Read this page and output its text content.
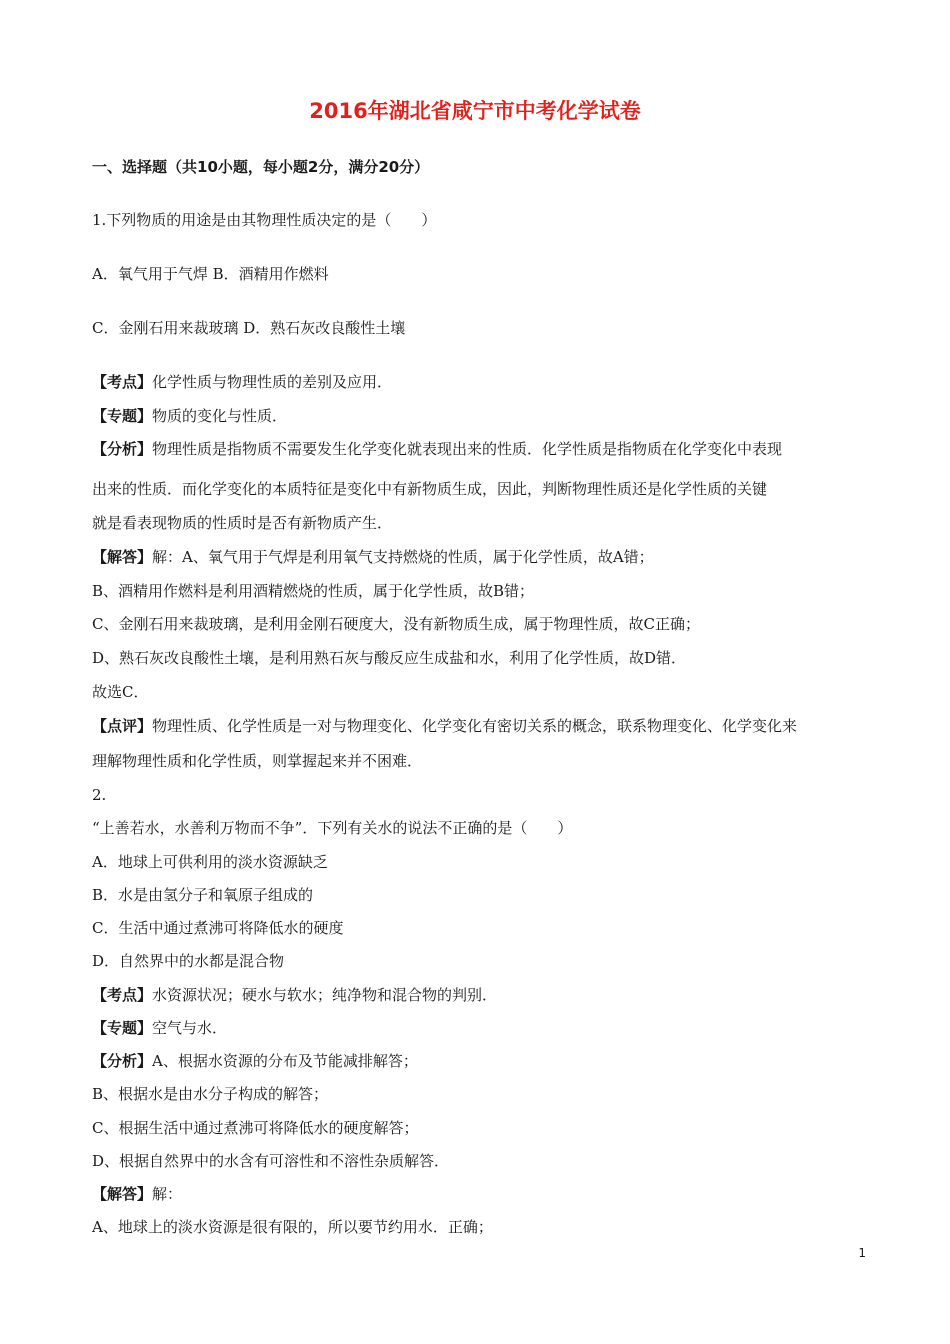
2016年湖北省咸宁市中考化学试卷
一、选择题（共10小题，每小题2分，满分20分）
1.下列物质的用途是由其物理性质决定的是（　　）
A．氧气用于气焊 B．酒精用作燃料
C．金刚石用来裁玻璃 D．熟石灰改良酸性土壤
【考点】化学性质与物理性质的差别及应用．
【专题】物质的变化与性质．
【分析】物理性质是指物质不需要发生化学变化就表现出来的性质．化学性质是指物质在化学变化中表现
出来的性质．而化学变化的本质特征是变化中有新物质生成，因此，判断物理性质还是化学性质的关键
就是看表现物质的性质时是否有新物质产生．
【解答】解：A、氧气用于气焊是利用氧气支持燃烧的性质，属于化学性质，故A错；
B、酒精用作燃料是利用酒精燃烧的性质，属于化学性质，故B错；
C、金刚石用来裁玻璃，是利用金刚石硬度大，没有新物质生成，属于物理性质，故C正确；
D、熟石灰改良酸性土壤，是利用熟石灰与酸反应生成盐和水，利用了化学性质，故D错．
故选C．
【点评】物理性质、化学性质是一对与物理变化、化学变化有密切关系的概念，联系物理变化、化学变化来
理解物理性质和化学性质，则掌握起来并不困难．
2.
“上善若水，水善利万物而不争”．下列有关水的说法不正确的是（　　）
A．地球上可供利用的淡水资源缺乏
B．水是由氢分子和氧原子组成的
C．生活中通过煮沸可将降低水的硬度
D．自然界中的水都是混合物
【考点】水资源状况；硬水与软水；纯净物和混合物的判别．
【专题】空气与水．
【分析】A、根据水资源的分布及节能减排解答；
B、根据水是由水分子构成的解答；
C、根据生活中通过煮沸可将降低水的硬度解答；
D、根据自然界中的水含有可溶性和不溶性杂质解答．
【解答】解：
A、地球上的淡水资源是很有限的，所以要节约用水．正确；
1
